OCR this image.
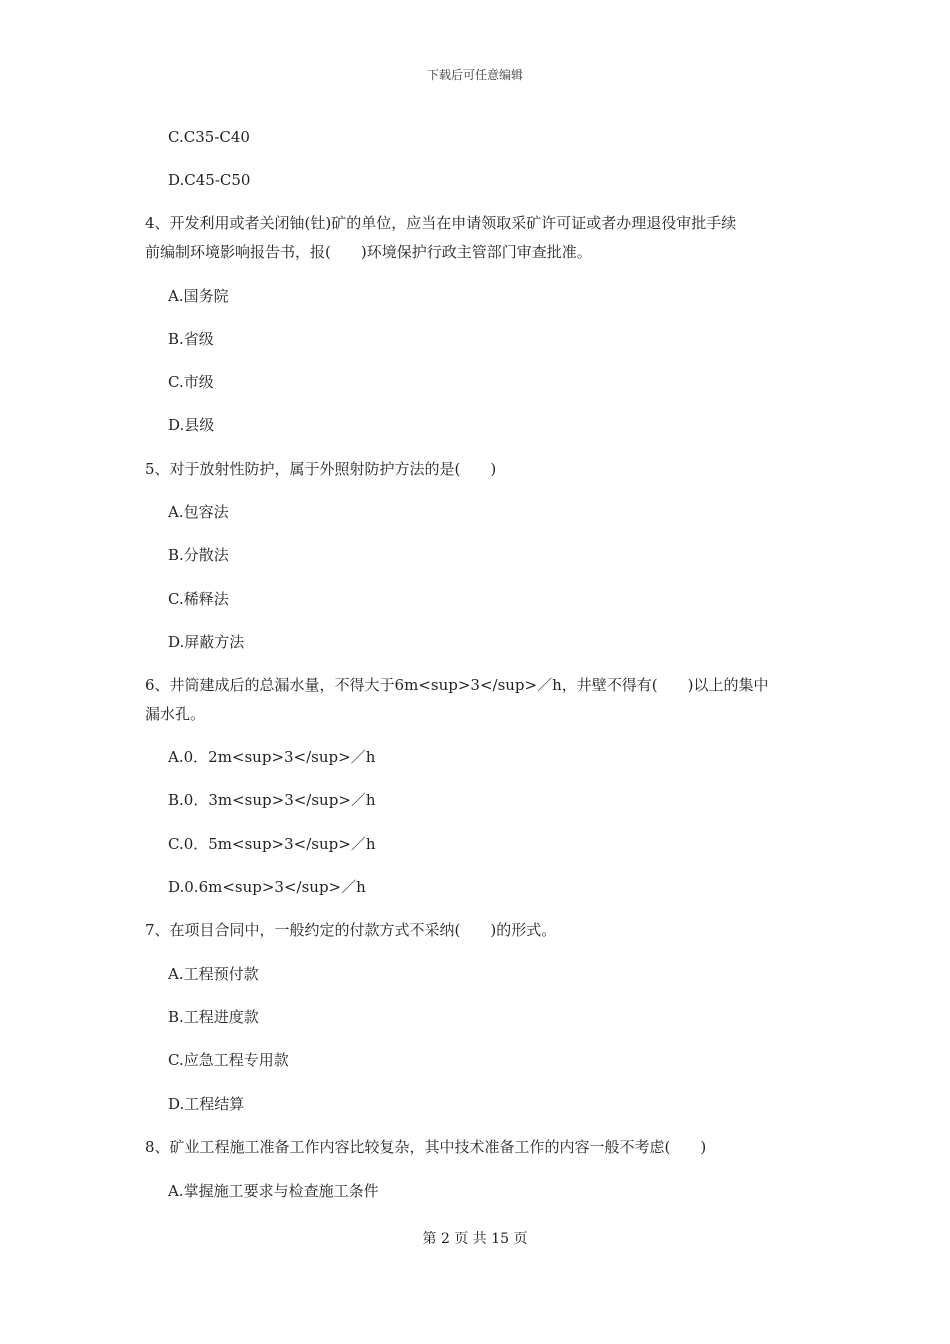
下载后可任意编辑
C.C35-C40
D.C45-C50
4、开发利用或者关闭铀(钍)矿的单位，应当在申请领取采矿许可证或者办理退役审批手续
前编制环境影响报告书，报(　　)环境保护行政主管部门审查批准。
A.国务院
B.省级
C.市级
D.县级
5、对于放射性防护，属于外照射防护方法的是(　　)
A.包容法
B.分散法
C.稀释法
D.屏蔽方法
6、井筒建成后的总漏水量，不得大于6m<sup>3</sup>／h，井壁不得有(　　)以上的集中
漏水孔。
A.0．2m<sup>3</sup>／h
B.0．3m<sup>3</sup>／h
C.0．5m<sup>3</sup>／h
D.0.6m<sup>3</sup>／h
7、在项目合同中，一般约定的付款方式不采纳(　　)的形式。
A.工程预付款
B.工程进度款
C.应急工程专用款
D.工程结算
8、矿业工程施工准备工作内容比较复杂，其中技术准备工作的内容一般不考虑(　　)
A.掌握施工要求与检查施工条件
第 2 页 共 15 页
